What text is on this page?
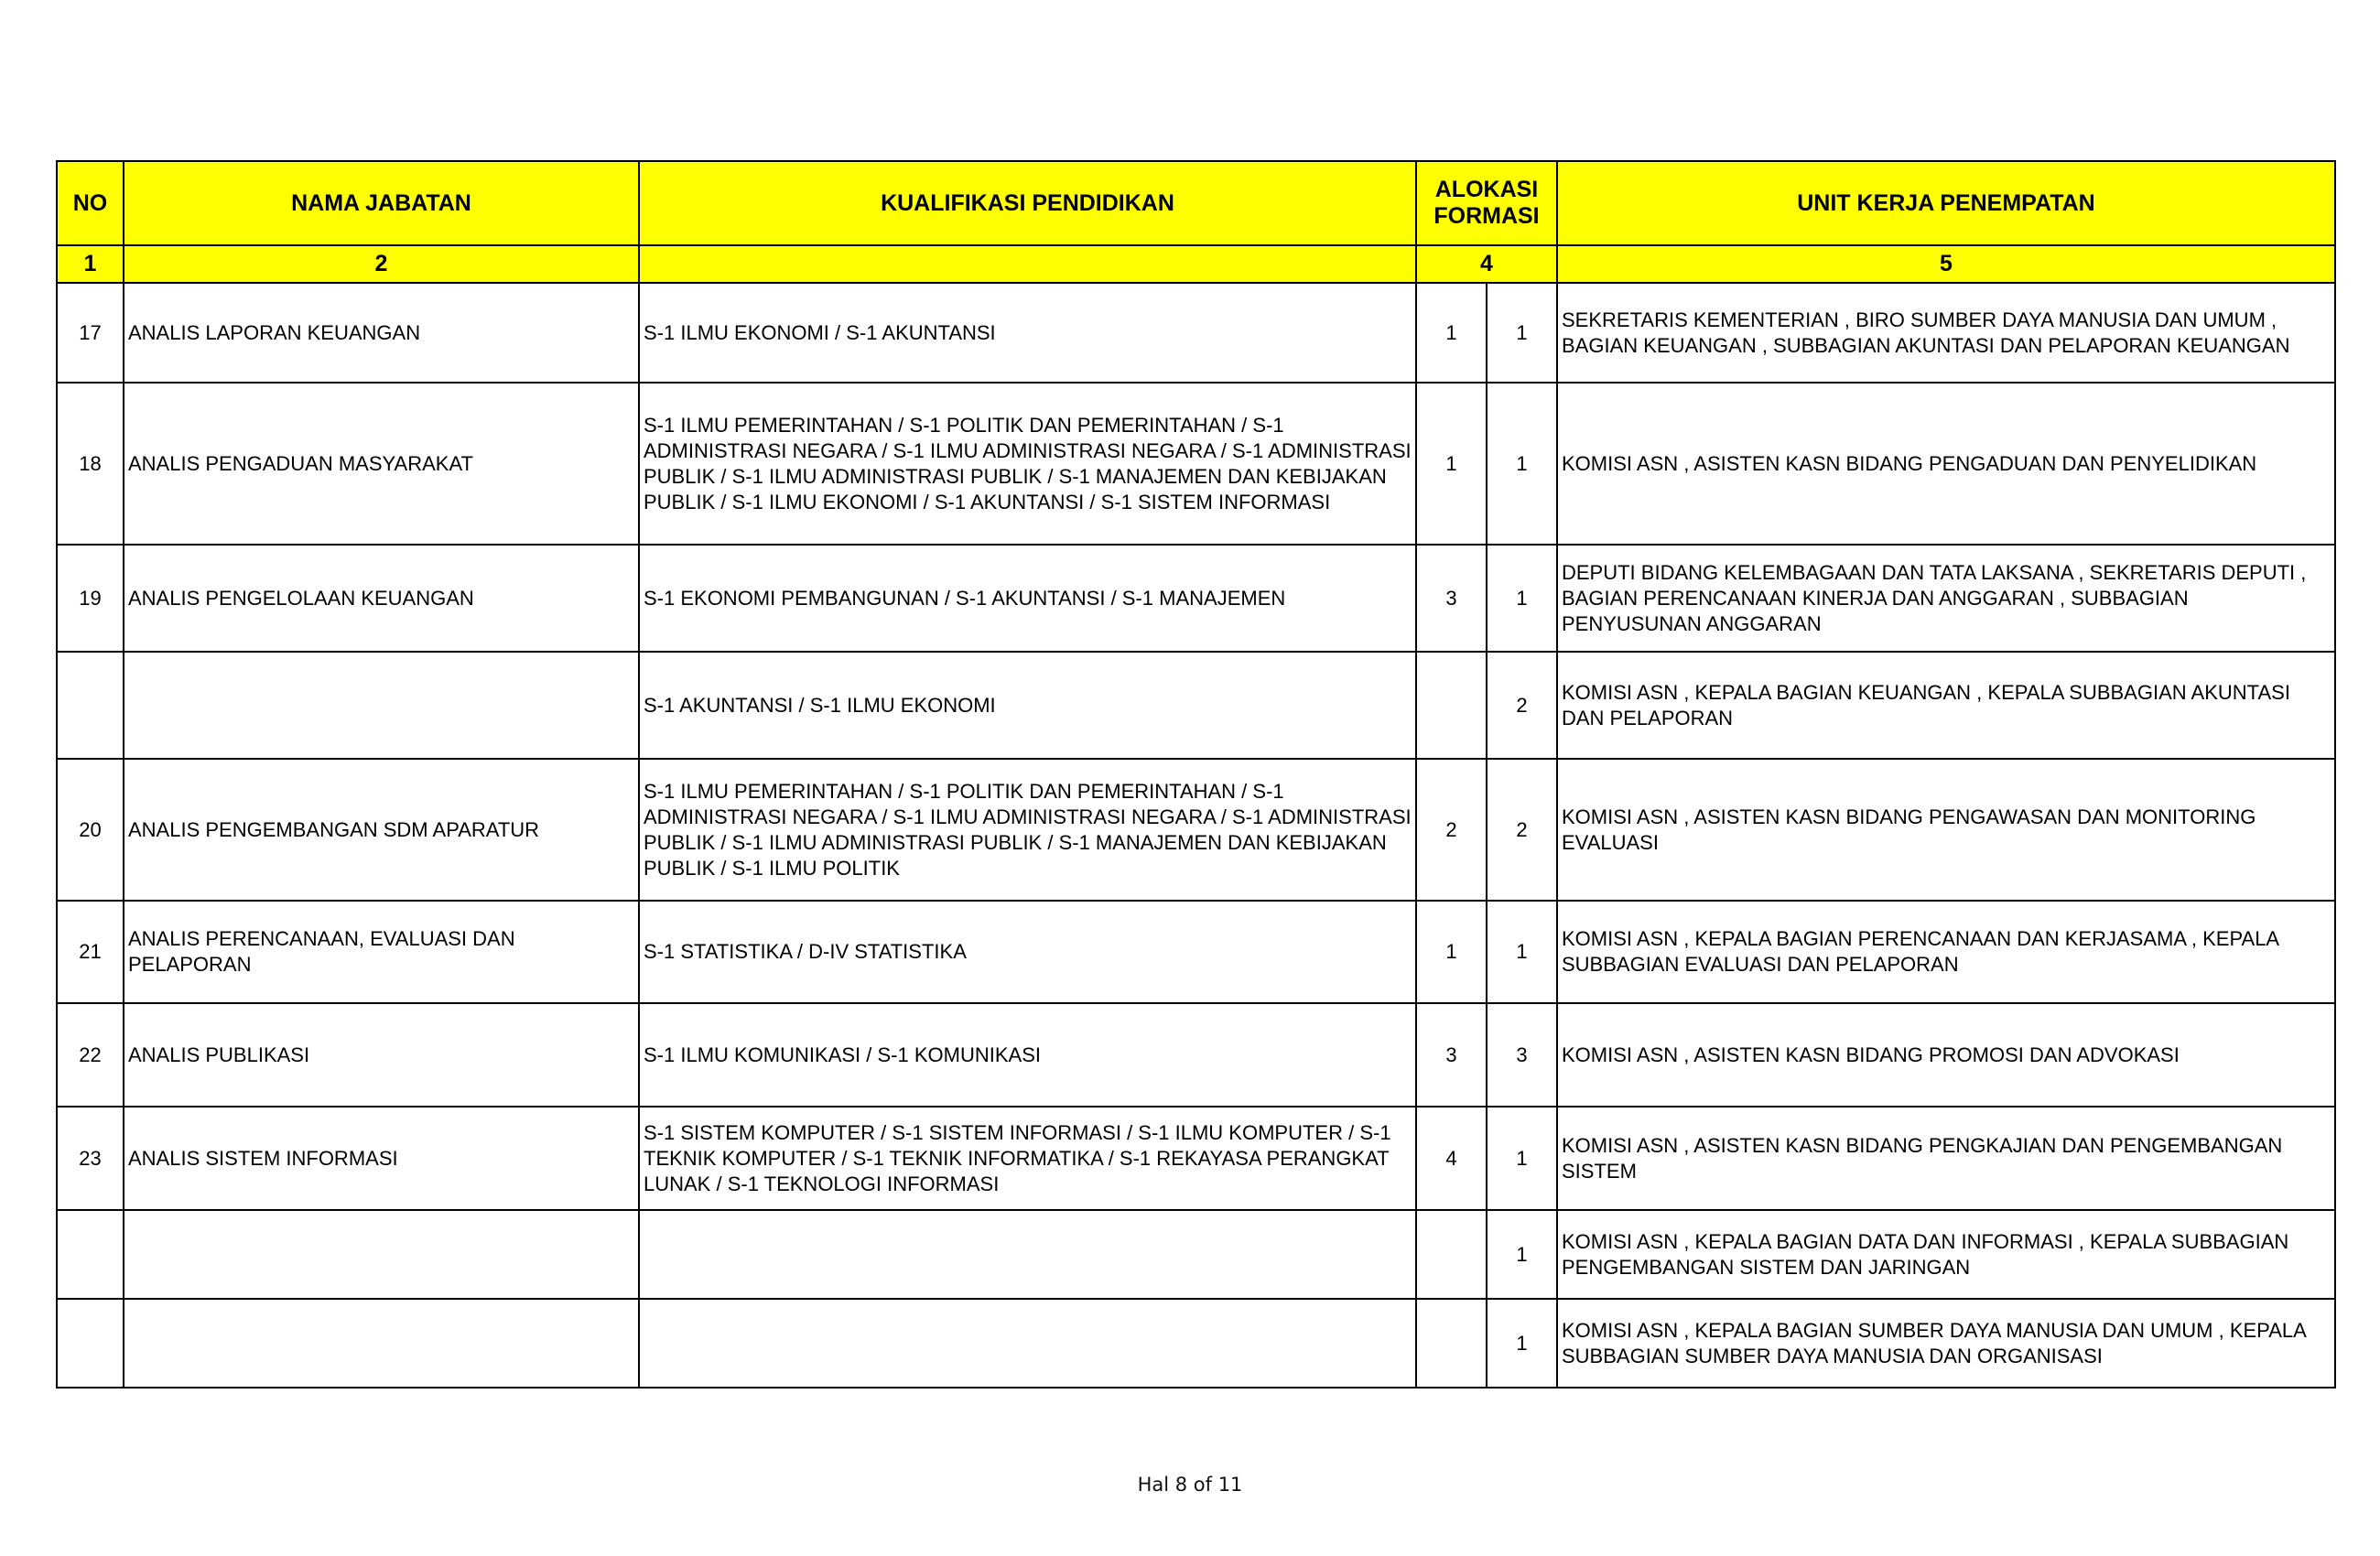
NO	NAMA JABATAN	KUALIFIKASI PENDIDIKAN	ALOKASI FORMASI		UNIT KERJA PENEMPATAN
1	2		4		5
17	ANALIS LAPORAN KEUANGAN	S-1 ILMU EKONOMI / S-1 AKUNTANSI	1	1	SEKRETARIS KEMENTERIAN , BIRO SUMBER DAYA MANUSIA DAN UMUM , BAGIAN KEUANGAN , SUBBAGIAN AKUNTASI DAN PELAPORAN KEUANGAN
18	ANALIS PENGADUAN MASYARAKAT	S-1 ILMU PEMERINTAHAN / S-1 POLITIK DAN PEMERINTAHAN / S-1 ADMINISTRASI NEGARA / S-1 ILMU ADMINISTRASI NEGARA / S-1 ADMINISTRASI PUBLIK / S-1 ILMU ADMINISTRASI PUBLIK / S-1 MANAJEMEN DAN KEBIJAKAN PUBLIK / S-1 ILMU EKONOMI / S-1 AKUNTANSI / S-1 SISTEM INFORMASI	1	1	KOMISI ASN , ASISTEN KASN BIDANG PENGADUAN DAN PENYELIDIKAN
19	ANALIS PENGELOLAAN KEUANGAN	S-1 EKONOMI PEMBANGUNAN / S-1 AKUNTANSI / S-1 MANAJEMEN	3	1	DEPUTI BIDANG KELEMBAGAAN DAN TATA LAKSANA , SEKRETARIS DEPUTI , BAGIAN PERENCANAAN KINERJA DAN ANGGARAN , SUBBAGIAN PENYUSUNAN ANGGARAN
		S-1 AKUNTANSI / S-1 ILMU EKONOMI		2	KOMISI ASN , KEPALA BAGIAN KEUANGAN , KEPALA SUBBAGIAN AKUNTASI DAN PELAPORAN
20	ANALIS PENGEMBANGAN SDM APARATUR	S-1 ILMU PEMERINTAHAN / S-1 POLITIK DAN PEMERINTAHAN / S-1 ADMINISTRASI NEGARA / S-1 ILMU ADMINISTRASI NEGARA / S-1 ADMINISTRASI PUBLIK / S-1 ILMU ADMINISTRASI PUBLIK / S-1 MANAJEMEN DAN KEBIJAKAN PUBLIK / S-1 ILMU POLITIK	2	2	KOMISI ASN , ASISTEN KASN BIDANG PENGAWASAN DAN MONITORING EVALUASI
21	ANALIS PERENCANAAN, EVALUASI DAN PELAPORAN	S-1 STATISTIKA / D-IV STATISTIKA	1	1	KOMISI ASN , KEPALA BAGIAN PERENCANAAN DAN KERJASAMA , KEPALA SUBBAGIAN EVALUASI DAN PELAPORAN
22	ANALIS PUBLIKASI	S-1 ILMU KOMUNIKASI / S-1 KOMUNIKASI	3	3	KOMISI ASN , ASISTEN KASN BIDANG PROMOSI DAN ADVOKASI
23	ANALIS SISTEM INFORMASI	S-1 SISTEM KOMPUTER / S-1 SISTEM INFORMASI / S-1 ILMU KOMPUTER / S-1 TEKNIK KOMPUTER / S-1 TEKNIK INFORMATIKA / S-1 REKAYASA PERANGKAT LUNAK / S-1 TEKNOLOGI INFORMASI	4	1	KOMISI ASN , ASISTEN KASN BIDANG PENGKAJIAN DAN PENGEMBANGAN SISTEM
				1	KOMISI ASN , KEPALA BAGIAN DATA DAN INFORMASI , KEPALA SUBBAGIAN PENGEMBANGAN SISTEM DAN JARINGAN
				1	KOMISI ASN , KEPALA BAGIAN SUMBER DAYA MANUSIA DAN UMUM , KEPALA SUBBAGIAN SUMBER DAYA MANUSIA DAN ORGANISASI
Hal 8 of 11
